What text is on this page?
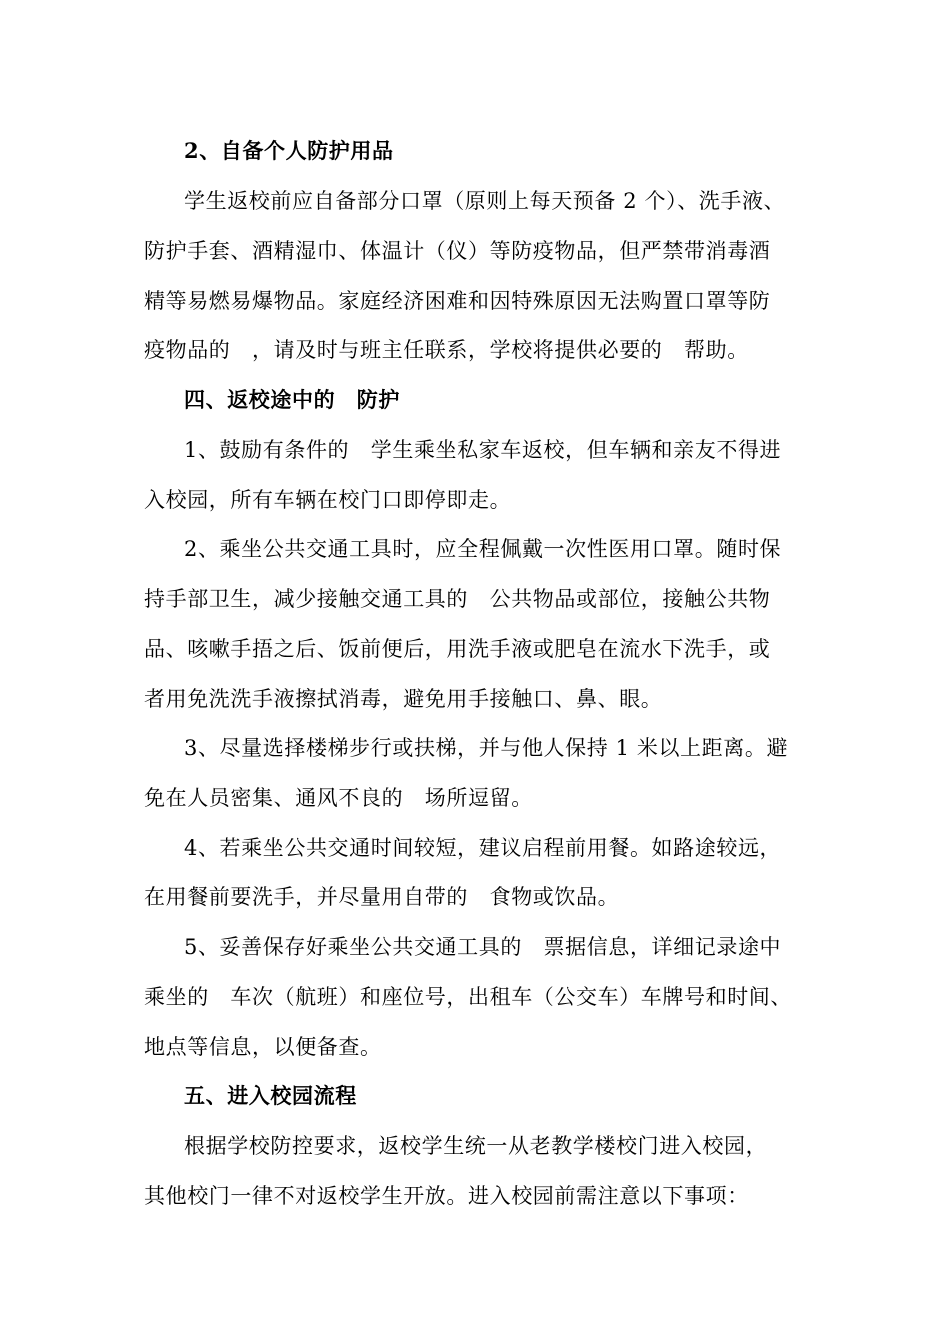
2、自备个人防护用品
学生返校前应自备部分口罩（原则上每天预备 2 个）、洗手液、
防护手套、酒精湿巾、体温计（仪）等防疫物品，但严禁带消毒酒
精等易燃易爆物品。家庭经济困难和因特殊原因无法购置口罩等防
疫物品的　，请及时与班主任联系，学校将提供必要的　帮助。
四、返校途中的　防护
1、鼓励有条件的　学生乘坐私家车返校，但车辆和亲友不得进
入校园，所有车辆在校门口即停即走。
2、乘坐公共交通工具时，应全程佩戴一次性医用口罩。随时保
持手部卫生，减少接触交通工具的　公共物品或部位，接触公共物
品、咳嗽手捂之后、饭前便后，用洗手液或肥皂在流水下洗手，或
者用免洗洗手液擦拭消毒，避免用手接触口、鼻、眼。
3、尽量选择楼梯步行或扶梯，并与他人保持 1 米以上距离。避
免在人员密集、通风不良的　场所逗留。
4、若乘坐公共交通时间较短，建议启程前用餐。如路途较远，
在用餐前要洗手，并尽量用自带的　食物或饮品。
5、妥善保存好乘坐公共交通工具的　票据信息，详细记录途中
乘坐的　车次（航班）和座位号，出租车（公交车）车牌号和时间、
地点等信息，以便备查。
五、进入校园流程
根据学校防控要求，返校学生统一从老教学楼校门进入校园，
其他校门一律不对返校学生开放。进入校园前需注意以下事项：
